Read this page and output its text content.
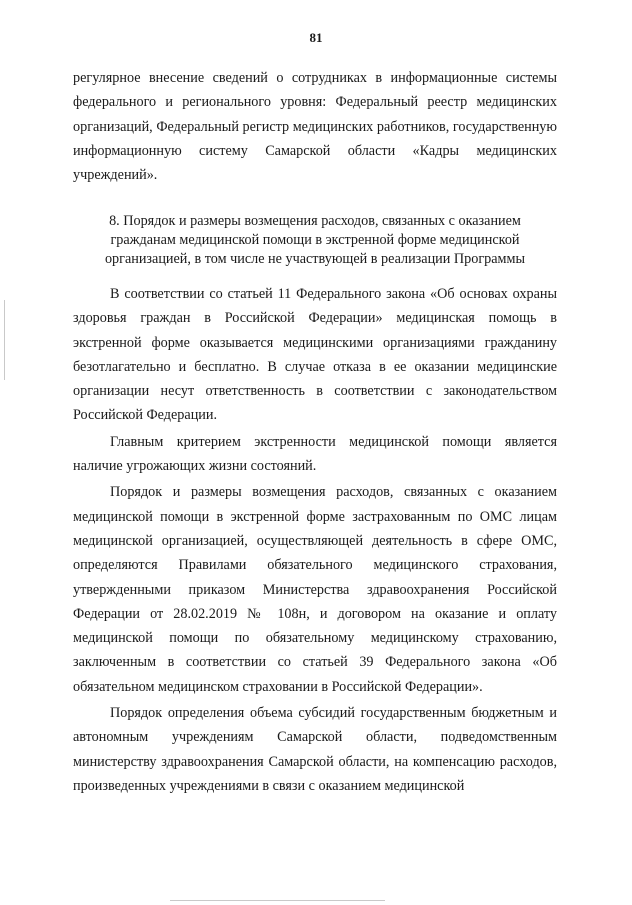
81

регулярное внесение сведений о сотрудниках в информационные системы федерального и регионального уровня: Федеральный реестр медицинских организаций, Федеральный регистр медицинских работников, государственную информационную систему Самарской области «Кадры медицинских учреждений».

8. Порядок и размеры возмещения расходов, связанных с оказанием
гражданам медицинской помощи в экстренной форме медицинской
организацией, в том числе не участвующей в реализации Программы

В соответствии со статьей 11 Федерального закона «Об основах охраны здоровья граждан в Российской Федерации» медицинская помощь в экстренной форме оказывается медицинскими организациями гражданину безотлагательно и бесплатно. В случае отказа в ее оказании медицинские организации несут ответственность в соответствии с законодательством Российской Федерации.

Главным критерием экстренности медицинской помощи является наличие угрожающих жизни состояний.

Порядок и размеры возмещения расходов, связанных с оказанием медицинской помощи в экстренной форме застрахованным по ОМС лицам медицинской организацией, осуществляющей деятельность в сфере ОМС, определяются Правилами обязательного медицинского страхования, утвержденными приказом Министерства здравоохранения Российской Федерации от 28.02.2019 № 108н, и договором на оказание и оплату медицинской помощи по обязательному медицинскому страхованию, заключенным в соответствии со статьей 39 Федерального закона «Об обязательном медицинском страховании в Российской Федерации».

Порядок определения объема субсидий государственным бюджетным и автономным учреждениям Самарской области, подведомственным министерству здравоохранения Самарской области, на компенсацию расходов, произведенных учреждениями в связи с оказанием медицинской
